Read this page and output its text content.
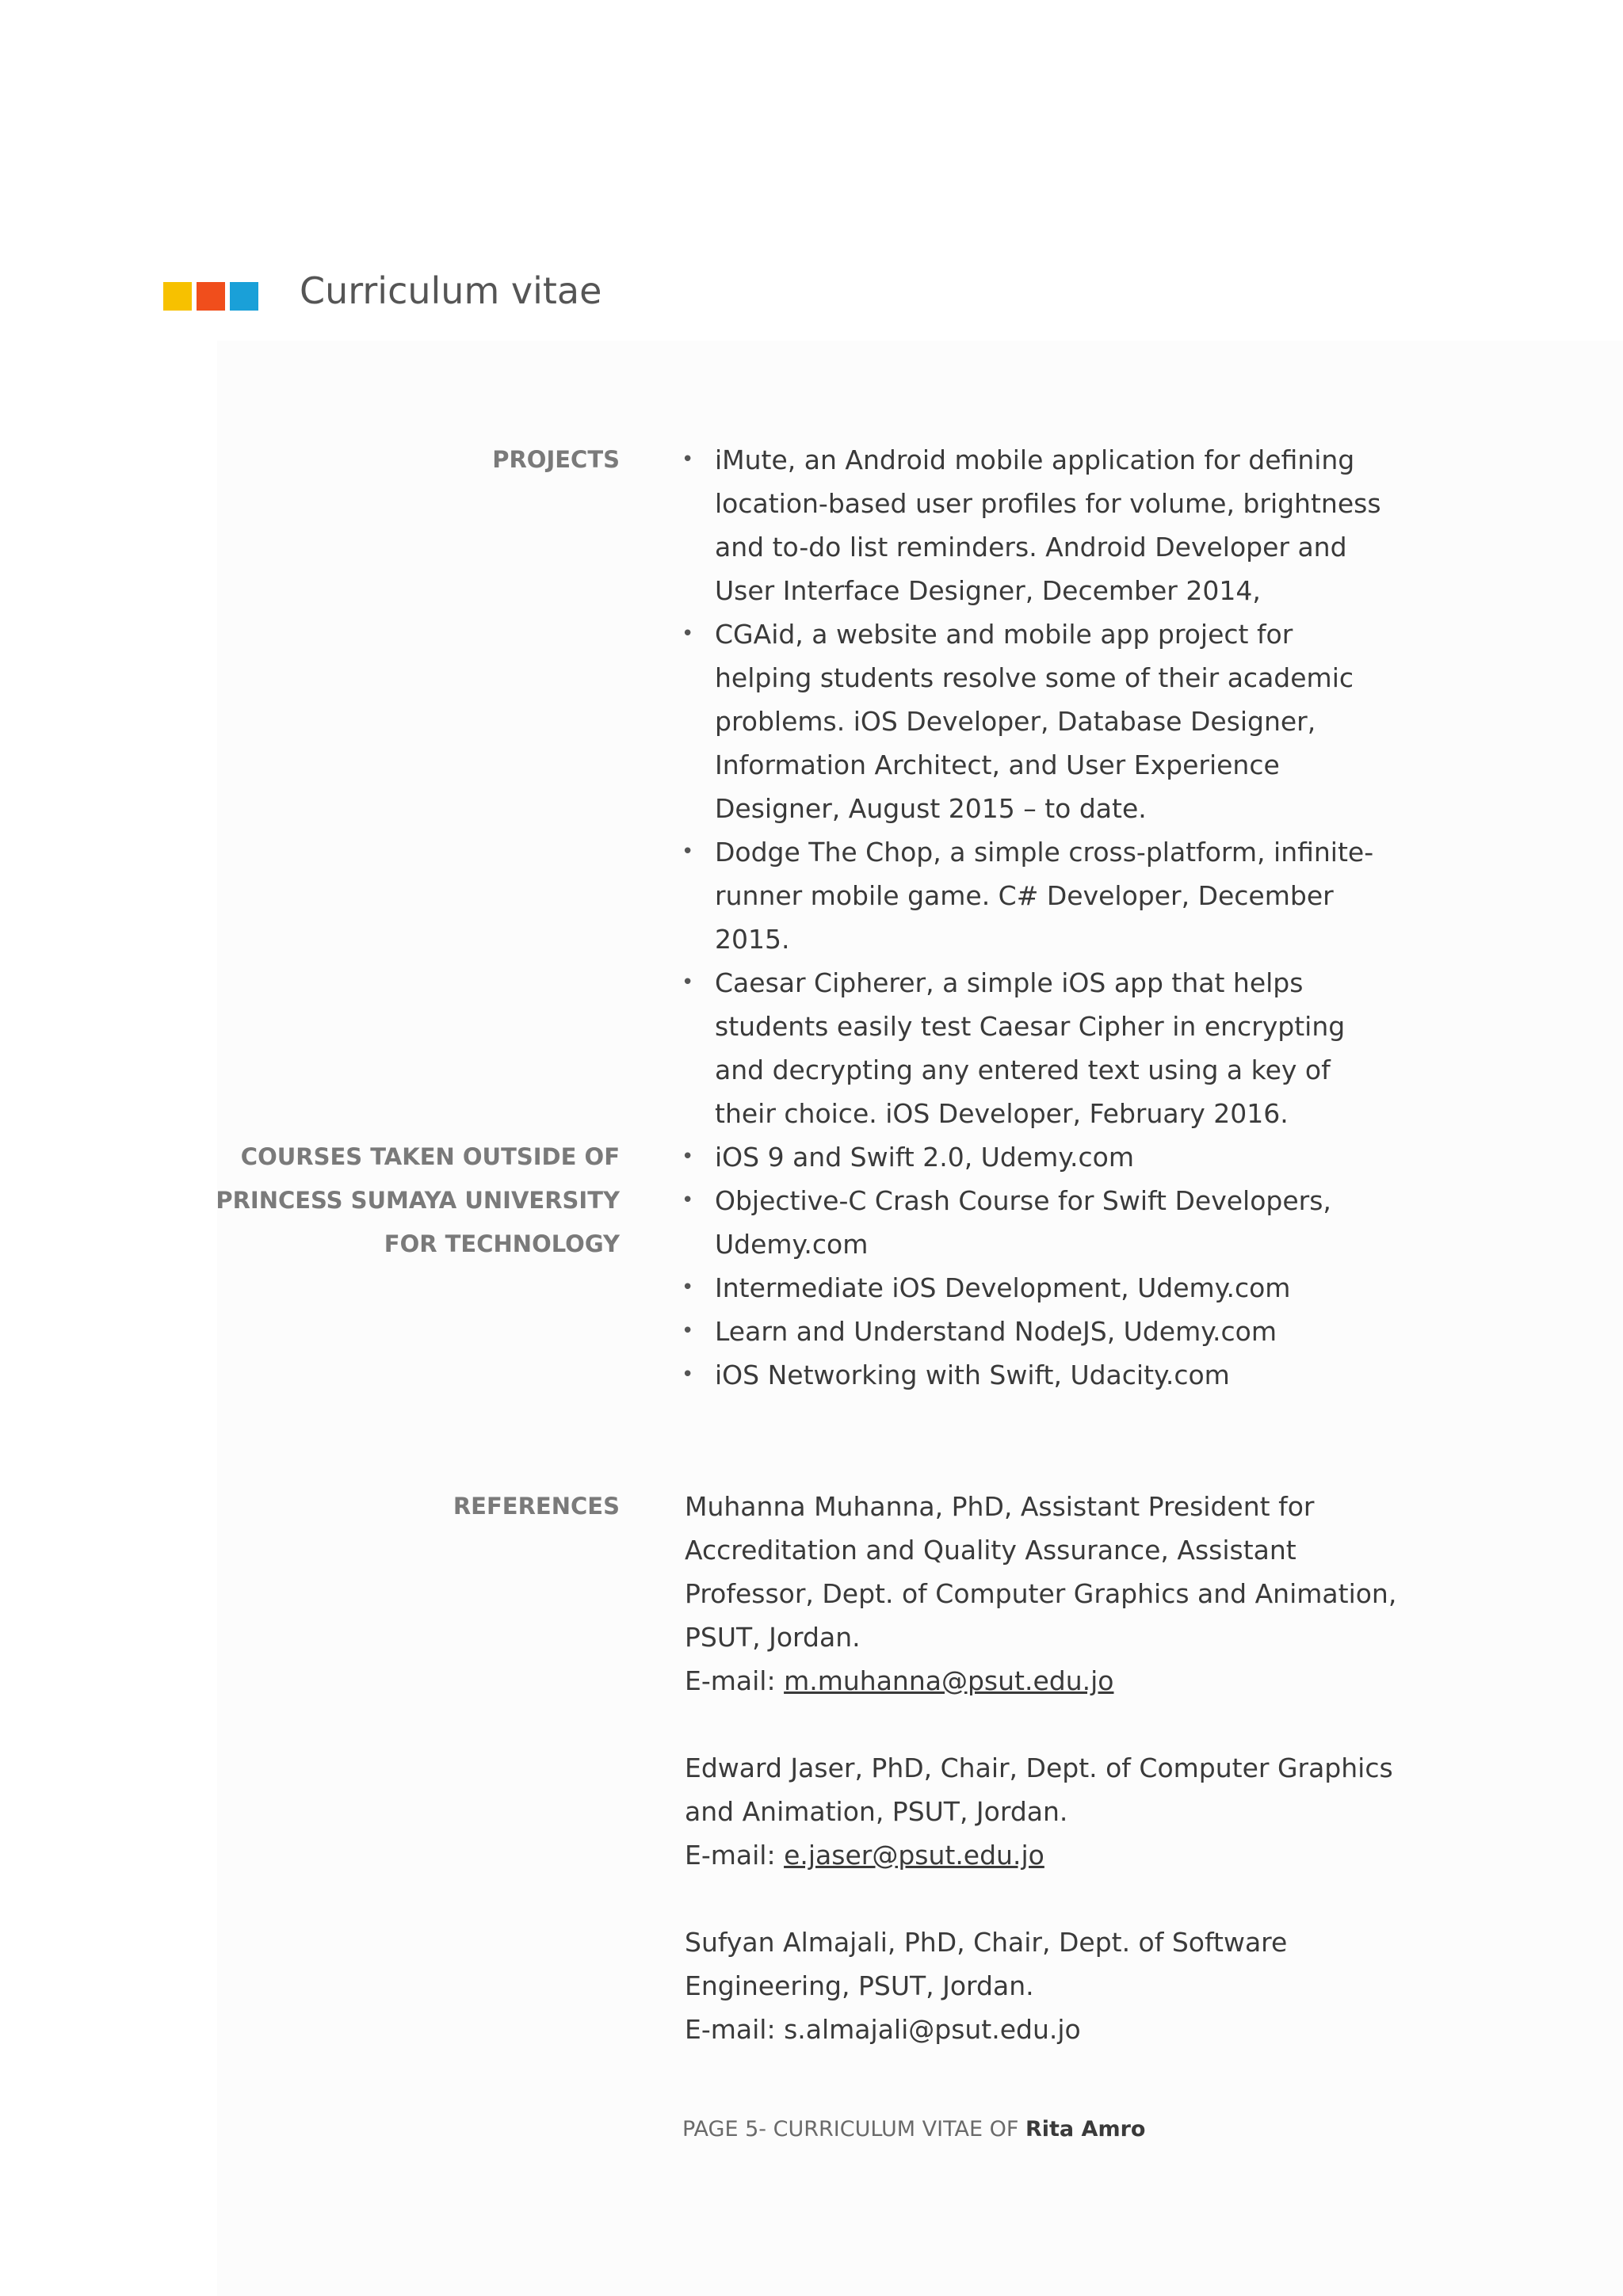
Curriculum vitae

PROJECTS

•	iMute, an Android mobile application for defining location-based user profiles for volume, brightness and to-do list reminders. Android Developer and User Interface Designer, December 2014,
• CGAid, a website and mobile app project for helping students resolve some of their academic problems. iOS Developer, Database Designer, Information Architect, and User Experience Designer, August 2015 – to date.
• Dodge The Chop, a simple cross-platform, infinite-runner mobile game. C# Developer, December 2015.
• Caesar Cipherer, a simple iOS app that helps students easily test Caesar Cipher in encrypting and decrypting any entered text using a key of their choice. iOS Developer, February 2016.
COURSES TAKEN OUTSIDE OF
PRINCESS SUMAYA UNIVERSITY
FOR TECHNOLOGY
• iOS 9 and Swift 2.0, Udemy.com
• Objective-C Crash Course for Swift Developers, Udemy.com
• Intermediate iOS Development, Udemy.com
• Learn and Understand NodeJS, Udemy.com
• iOS Networking with Swift, Udacity.com

REFERENCES Muhanna Muhanna, PhD, Assistant President for Accreditation and Quality Assurance, Assistant Professor, Dept. of Computer Graphics and Animation, PSUT, Jordan.
E-mail: m.muhanna@psut.edu.jo
Edward Jaser, PhD, Chair, Dept. of Computer Graphics and Animation, PSUT, Jordan.
E-mail: e.jaser@psut.edu.jo
Sufyan Almajali, PhD, Chair, Dept. of Software Engineering, PSUT, Jordan.
E-mail: s.almajali@psut.edu.jo
PAGE 5- CURRICULUM VITAE OF Rita Amro
